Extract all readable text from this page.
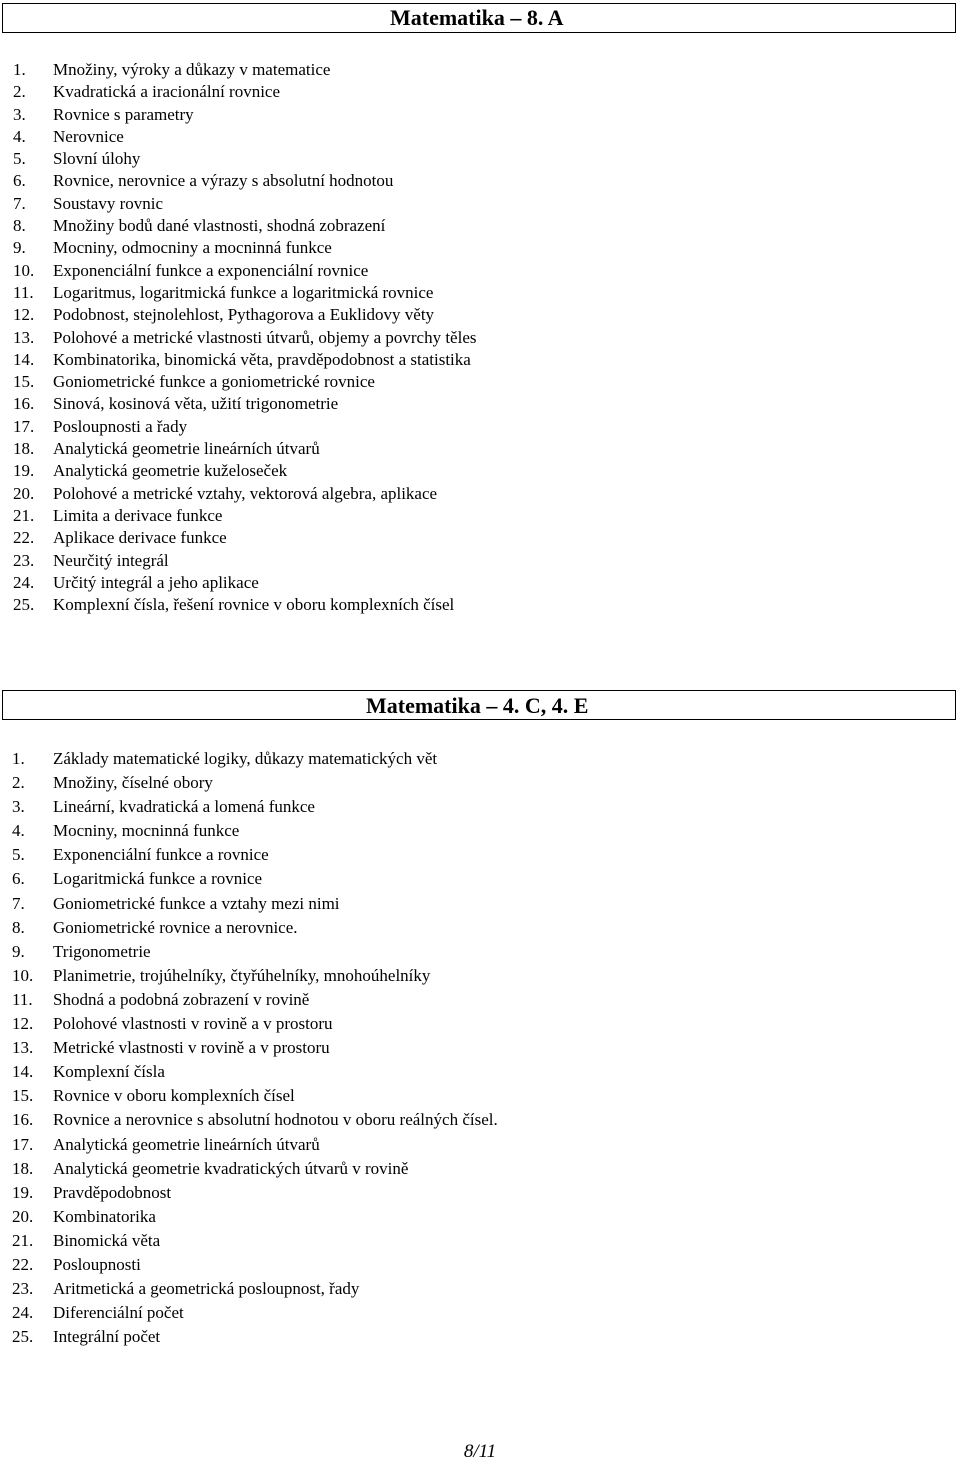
Matematika – 8. A
1.	Množiny, výroky a důkazy v matematice
2.	Kvadratická a iracionální rovnice
3.	Rovnice s parametry
4.	Nerovnice
5.	Slovní úlohy
6.	Rovnice, nerovnice a výrazy s absolutní hodnotou
7.	Soustavy rovnic
8.	Množiny bodů dané vlastnosti, shodná zobrazení
9.	Mocniny, odmocniny a mocninná funkce
10.	Exponenciální funkce a exponenciální rovnice
11.	Logaritmus, logaritmická funkce a logaritmická rovnice
12.	Podobnost, stejnolehlost, Pythagorova a Euklidovy věty
13.	Polohové a metrické vlastnosti útvarů, objemy a povrchy těles
14.	Kombinatorika, binomická věta, pravděpodobnost a statistika
15.	Goniometrické funkce a goniometrické rovnice
16.	Sinová, kosinová věta, užití trigonometrie
17.	Posloupnosti a řady
18.	Analytická geometrie lineárních útvarů
19.	Analytická geometrie kuželoseček
20.	Polohové a metrické vztahy, vektorová algebra, aplikace
21.	Limita a derivace funkce
22.	Aplikace derivace funkce
23.	Neurčitý integrál
24.	Určitý integrál a jeho aplikace
25.	Komplexní čísla, řešení rovnice v oboru komplexních čísel
Matematika – 4. C, 4. E
1.	Základy matematické logiky, důkazy matematických vět
2.	Množiny, číselné obory
3.	Lineární, kvadratická a lomená funkce
4.	Mocniny, mocninná funkce
5.	Exponenciální funkce a rovnice
6.	Logaritmická funkce a rovnice
7.	Goniometrické funkce a vztahy mezi nimi
8.	Goniometrické rovnice a nerovnice.
9.	Trigonometrie
10.	Planimetrie, trojúhelníky, čtyřúhelníky, mnohoúhelníky
11.	Shodná a podobná zobrazení v rovině
12.	Polohové vlastnosti v rovině a v prostoru
13.	Metrické vlastnosti v rovině a v prostoru
14.	Komplexní čísla
15.	Rovnice v oboru komplexních čísel
16.	Rovnice a nerovnice s absolutní hodnotou v oboru reálných čísel.
17.	Analytická geometrie lineárních útvarů
18.	Analytická geometrie kvadratických útvarů v rovině
19.	Pravděpodobnost
20.	Kombinatorika
21.	Binomická věta
22.	Posloupnosti
23.	Aritmetická a geometrická posloupnost, řady
24.	Diferenciální počet
25.	Integrální počet
8/11
